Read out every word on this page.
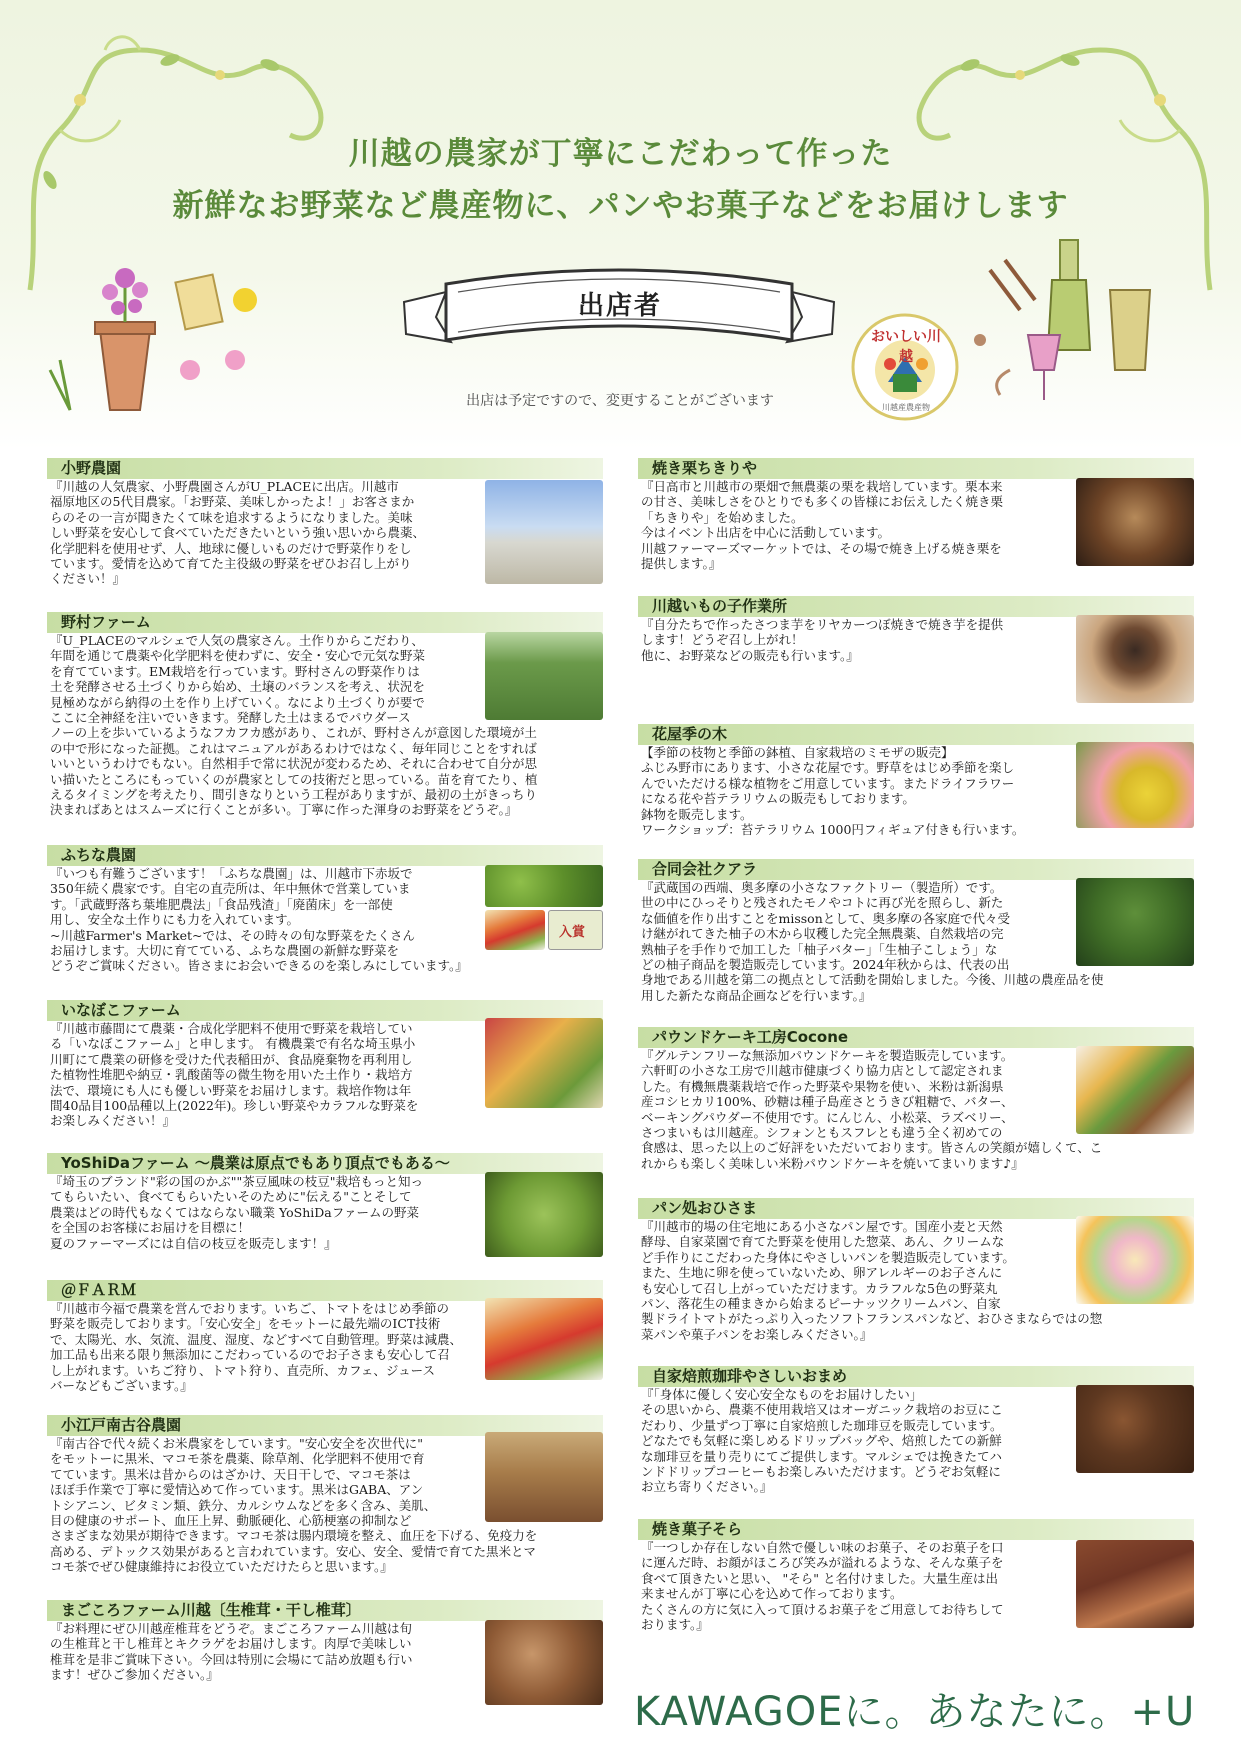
川越の農家が丁寧にこだわって作った
新鮮なお野菜など農産物に、パンやお菓子などをお届けします
出店者
出店は予定ですので、変更することがございます
おいしい川越
川越産農産物
小野農園
『川越の人気農家、小野農園さんがU_PLACEに出店。川越市
福原地区の5代目農家。「お野菜、美味しかったよ！」お客さまか
らのその一言が聞きたくて味を追求するようになりました。美味
しい野菜を安心して食べていただきたいという強い思いから農薬、
化学肥料を使用せず、人、地球に優しいものだけで野菜作りをし
ています。愛情を込めて育てた主役級の野菜をぜひお召し上がり
ください！』
野村ファーム
『U_PLACEのマルシェで人気の農家さん。土作りからこだわり、
年間を通じて農薬や化学肥料を使わずに、安全・安心で元気な野菜
を育てています。EM栽培を行っています。野村さんの野菜作りは
土を発酵させる土づくりから始め、土壌のバランスを考え、状況を
見極めながら納得の土を作り上げていく。なにより土づくりが要で
ここに全神経を注いでいきます。発酵した土はまるでパウダース
ノーの上を歩いているようなフカフカ感があり、これが、野村さんが意図した環境が土
の中で形になった証拠。これはマニュアルがあるわけではなく、毎年同じことをすれば
いいというわけでもない。自然相手で常に状況が変わるため、それに合わせて自分が思
い描いたところにもっていくのが農家としての技術だと思っている。苗を育てたり、植
えるタイミングを考えたり、間引きなりという工程がありますが、最初の土がきっちり
決まればあとはスムーズに行くことが多い。丁寧に作った渾身のお野菜をどうぞ。』
ふちな農園
『いつも有難うございます！「ふちな農園」は、川越市下赤坂で
350年続く農家です。自宅の直売所は、年中無休で営業していま
す。「武蔵野落ち葉堆肥農法」「食品残渣」「廃菌床」を一部使
用し、安全な土作りにも力を入れています。
~川越Farmer's Market~では、その時々の旬な野菜をたくさん
お届けします。大切に育てている、ふちな農園の新鮮な野菜を
どうぞご賞味ください。皆さまにお会いできるのを楽しみにしています。』
入賞
いなぼこファーム
『川越市藤間にて農薬・合成化学肥料不使用で野菜を栽培してい
る「いなぼこファーム」と申します。 有機農業で有名な埼玉県小
川町にて農業の研修を受けた代表稲田が、食品廃棄物を再利用し
た植物性堆肥や納豆・乳酸菌等の微生物を用いた土作り・栽培方
法で、環境にも人にも優しい野菜をお届けします。栽培作物は年
間40品目100品種以上(2022年)。珍しい野菜やカラフルな野菜を
お楽しみください！』
YoShiDaファーム ～農業は原点でもあり頂点でもある～
『埼玉のブランド"彩の国のかぶ""茶豆風味の枝豆"栽培もっと知っ
てもらいたい、食べてもらいたいそのために"伝える"ことそして
農業はどの時代もなくてはならない職業 YoShiDaファームの野菜
を全国のお客様にお届けを目標に！
夏のファーマーズには自信の枝豆を販売します！』
＠ＦＡＲＭ
『川越市今福で農業を営んでおります。いちご、トマトをはじめ季節の
野菜を販売しております。「安心安全」をモットーに最先端のICT技術
で、太陽光、水、気流、温度、湿度、などすべて自動管理。野菜は減農、
加工品も出来る限り無添加にこだわっているのでお子さまも安心して召
し上がれます。いちご狩り、トマト狩り、直売所、カフェ、ジュース
バーなどもございます。』
小江戸南古谷農園
『南古谷で代々続くお米農家をしています。"安心安全を次世代に"
をモットーに黒米、マコモ茶を農薬、除草剤、化学肥料不使用で育
てています。黒米は昔からのはざかけ、天日干しで、マコモ茶は
ほぼ手作業で丁寧に愛情込めて作っています。黒米はGABA、アン
トシアニン、ビタミン類、鉄分、カルシウムなどを多く含み、美肌、
目の健康のサポート、血圧上昇、動脈硬化、心筋梗塞の抑制など
さまざまな効果が期待できます。マコモ茶は腸内環境を整え、血圧を下げる、免疫力を
高める、デトックス効果があると言われています。安心、安全、愛情で育てた黒米とマ
コモ茶でぜひ健康維持にお役立ていただけたらと思います。』
まごころファーム川越〔生椎茸・干し椎茸〕
『お料理にぜひ川越産椎茸をどうぞ。まごころファーム川越は旬
の生椎茸と干し椎茸とキクラゲをお届けします。肉厚で美味しい
椎茸を是非ご賞味下さい。今回は特別に会場にて詰め放題も行い
ます！ぜひご参加ください。』
焼き栗ちきりや
『日高市と川越市の栗畑で無農薬の栗を栽培しています。栗本来
の甘さ、美味しさをひとりでも多くの皆様にお伝えしたく焼き栗
「ちきりや」を始めました。
今はイベント出店を中心に活動しています。
川越ファーマーズマーケットでは、その場で焼き上げる焼き栗を
提供します。』
川越いもの子作業所
『自分たちで作ったさつま芋をリヤカーつぼ焼きで焼き芋を提供
します！どうぞ召し上がれ！
他に、お野菜などの販売も行います。』
花屋季の木
【季節の枝物と季節の鉢植、自家栽培のミモザの販売】
ふじみ野市にあります、小さな花屋です。野草をはじめ季節を楽し
んでいただける様な植物をご用意しています。またドライフラワー
になる花や苔テラリウムの販売もしております。
鉢物を販売します。
ワークショップ：苔テラリウム 1000円フィギュア付きも行います。
合同会社クアラ
『武蔵国の西端、奥多摩の小さなファクトリー（製造所）です。
世の中にひっそりと残されたモノやコトに再び光を照らし、新た
な価値を作り出すことをmissonとして、奥多摩の各家庭で代々受
け継がれてきた柚子の木から収穫した完全無農薬、自然栽培の完
熟柚子を手作りで加工した「柚子バター」「生柚子こしょう」な
どの柚子商品を製造販売しています。2024年秋からは、代表の出
身地である川越を第二の拠点として活動を開始しました。今後、川越の農産品を使
用した新たな商品企画などを行います。』
パウンドケーキ工房Cocone
『グルテンフリーな無添加パウンドケーキを製造販売しています。
六軒町の小さな工房で川越市健康づくり協力店として認定されま
した。有機無農薬栽培で作った野菜や果物を使い、米粉は新潟県
産コシヒカリ100%、砂糖は種子島産さとうきび粗糖で、バター、
ベーキングパウダー不使用です。にんじん、小松菜、ラズベリー、
さつまいもは川越産。シフォンともスフレとも違う全く初めての
食感は、思った以上のご好評をいただいております。皆さんの笑顔が嬉しくて、こ
れからも楽しく美味しい米粉パウンドケーキを焼いてまいります♪』
パン処おひさま
『川越市的場の住宅地にある小さなパン屋です。国産小麦と天然
酵母、自家菜園で育てた野菜を使用した惣菜、あん、クリームな
ど手作りにこだわった身体にやさしいパンを製造販売しています。
また、生地に卵を使っていないため、卵アレルギーのお子さんに
も安心して召し上がっていただけます。カラフルな5色の野菜丸
パン、落花生の種まきから始まるピーナッツクリームパン、自家
製ドライトマトがたっぷり入ったソフトフランスパンなど、おひさまならではの惣
菜パンや菓子パンをお楽しみください。』
自家焙煎珈琲やさしいおまめ
『「身体に優しく安心安全なものをお届けしたい」
その思いから、農薬不使用栽培又はオーガニック栽培のお豆にこ
だわり、少量ずつ丁寧に自家焙煎した珈琲豆を販売しています。
どなたでも気軽に楽しめるドリップバッグや、焙煎したての新鮮
な珈琲豆を量り売りにてご提供します。マルシェでは挽きたてハ
ンドドリップコーヒーもお楽しみいただけます。どうぞお気軽に
お立ち寄りください。』
焼き菓子そら
『一つしか存在しない自然で優しい味のお菓子、そのお菓子を口
に運んだ時、お顔がほころび笑みが溢れるような、そんな菓子を
食べて頂きたいと思い、 "そら" と名付けました。大量生産は出
来ませんが丁寧に心を込めて作っております。
たくさんの方に気に入って頂けるお菓子をご用意してお待ちして
おります。』
KAWAGOEに。あなたに。+U
